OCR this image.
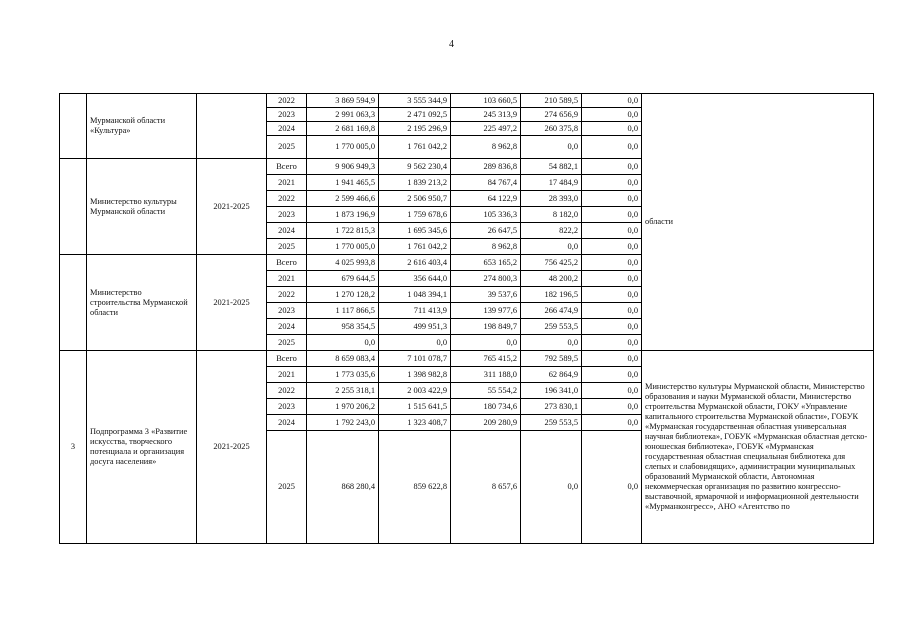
4
	Мурманской области «Культура»		2022	3 869 594,9	3 555 344,9	103 660,5	210 589,5	0,0	области
			2023	2 991 063,3	2 471 092,5	245 313,9	274 656,9	0,0	
			2024	2 681 169,8	2 195 296,9	225 497,2	260 375,8	0,0	
			2025	1 770 005,0	1 761 042,2	8 962,8	0,0	0,0	
	Министерство культуры Мурманской области	2021-2025	Всего	9 906 949,3	9 562 230,4	289 836,8	54 882,1	0,0	
			2021	1 941 465,5	1 839 213,2	84 767,4	17 484,9	0,0	
			2022	2 599 466,6	2 506 950,7	64 122,9	28 393,0	0,0	
			2023	1 873 196,9	1 759 678,6	105 336,3	8 182,0	0,0	
			2024	1 722 815,3	1 695 345,6	26 647,5	822,2	0,0	
			2025	1 770 005,0	1 761 042,2	8 962,8	0,0	0,0	
	Министерство строительства Мурманской области	2021-2025	Всего	4 025 993,8	2 616 403,4	653 165,2	756 425,2	0,0	
			2021	679 644,5	356 644,0	274 800,3	48 200,2	0,0	
			2022	1 270 128,2	1 048 394,1	39 537,6	182 196,5	0,0	
			2023	1 117 866,5	711 413,9	139 977,6	266 474,9	0,0	
			2024	958 354,5	499 951,3	198 849,7	259 553,5	0,0	
			2025	0,0	0,0	0,0	0,0	0,0	
3	Подпрограмма 3 «Развитие искусства, творческого потенциала и организация досуга населения»	2021-2025	Всего	8 659 083,4	7 101 078,7	765 415,2	792 589,5	0,0	Министерство культуры Мурманской области, Министерство образования и науки Мурманской области, Министерство строительства Мурманской области, ГОКУ «Управление капитального строительства Мурманской области», ГОБУК «Мурманская государственная областная универсальная научная библиотека», ГОБУК «Мурманская областная детско-юношеская библиотека», ГОБУК «Мурманская государственная областная специальная библиотека для слепых и слабовидящих», администрации муниципальных образований Мурманской области, Автономная некоммерческая организация по развитию конгрессно-выставочной, ярмарочной и информационной деятельности «Мурманконгресс», АНО «Агентство по
			2021	1 773 035,6	1 398 982,8	311 188,0	62 864,9	0,0	
			2022	2 255 318,1	2 003 422,9	55 554,2	196 341,0	0,0	
			2023	1 970 206,2	1 515 641,5	180 734,6	273 830,1	0,0	
			2024	1 792 243,0	1 323 408,7	209 280,9	259 553,5	0,0	
			2025	868 280,4	859 622,8	8 657,6	0,0	0,0	
